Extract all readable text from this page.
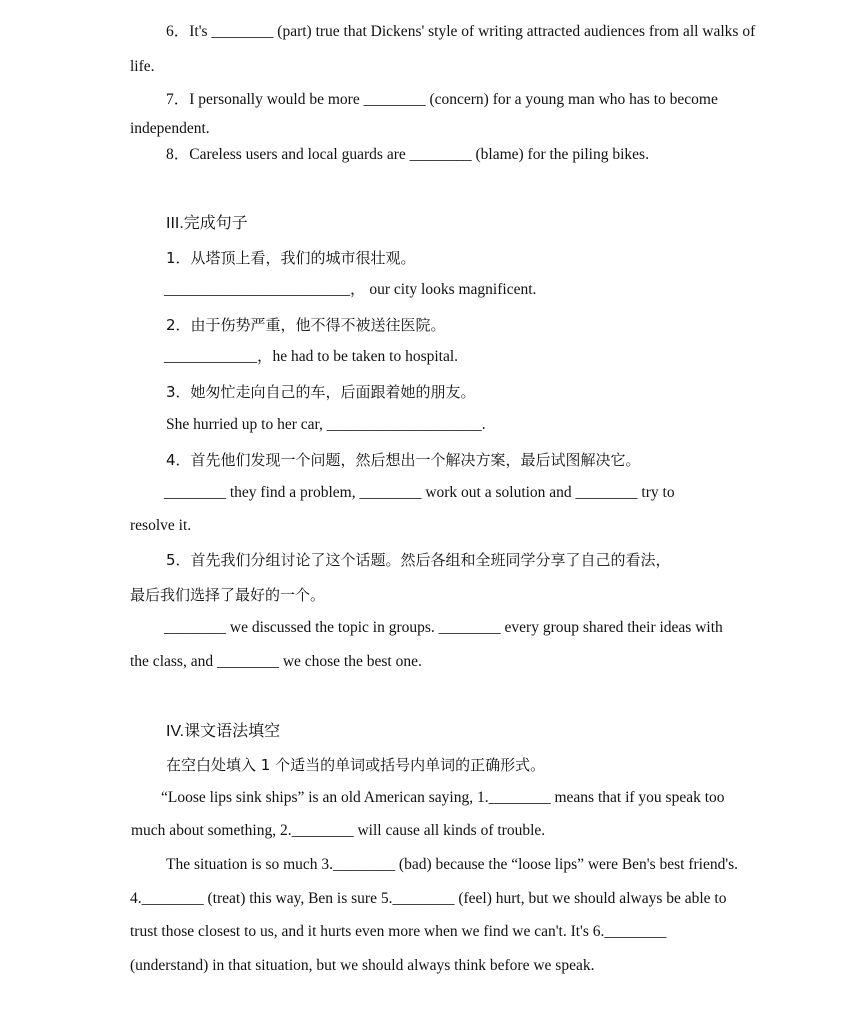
6．It's ________ (part) true that Dickens' style of writing attracted audiences from all walks of
life.
7．I personally would be more ________ (concern) for a young man who has to become
independent.
8．Careless users and local guards are ________ (blame) for the piling bikes.
III.完成句子
1．从塔顶上看，我们的城市很壮观。
________________________， our city looks magnificent.
2．由于伤势严重，他不得不被送往医院。
____________，he had to be taken to hospital.
3．她匆忙走向自己的车，后面跟着她的朋友。
She hurried up to her car, ____________________.
4．首先他们发现一个问题，然后想出一个解决方案，最后试图解决它。
________ they find a problem, ________ work out a solution and ________ try to
resolve it.
5．首先我们分组讨论了这个话题。然后各组和全班同学分享了自己的看法，
最后我们选择了最好的一个。
________ we discussed the topic in groups. ________ every group shared their ideas with
the class, and ________ we chose the best one.
IV.课文语法填空
在空白处填入 1 个适当的单词或括号内单词的正确形式。
“Loose lips sink ships” is an old American saying, 1.________ means that if you speak too
much about something, 2.________ will cause all kinds of trouble.
The situation is so much 3.________ (bad) because the “loose lips” were Ben's best friend's.
4.________ (treat) this way, Ben is sure 5.________ (feel) hurt, but we should always be able to
trust those closest to us, and it hurts even more when we find we can't. It's 6.________
(understand) in that situation, but we should always think before we speak.
